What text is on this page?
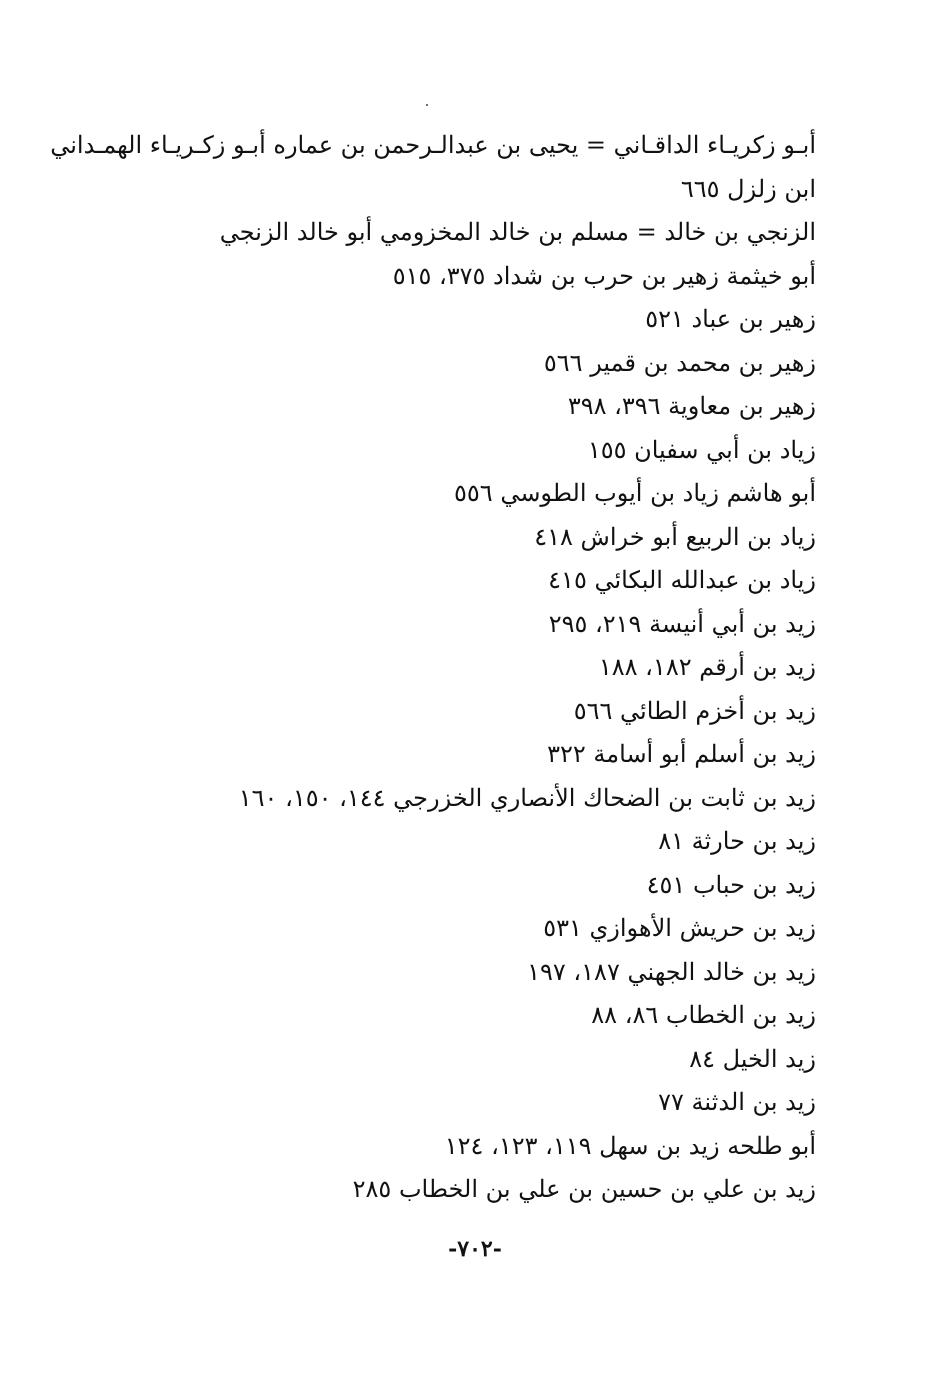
أبـو زكريـاء الداقـاني = يحيى بن عبدالـرحمن بن عماره أبـو زكـريـاء الهمـداني
ابن زلزل ٦٦٥
الزنجي بن خالد = مسلم بن خالد المخزومي أبو خالد الزنجي
أبو خيثمة زهير بن حرب بن شداد ٣٧٥، ٥١٥
زهير بن عباد ٥٢١
زهير بن محمد بن قمير ٥٦٦
زهير بن معاوية ٣٩٦، ٣٩٨
زياد بن أبي سفيان ١٥٥
أبو هاشم زياد بن أيوب الطوسي ٥٥٦
زياد بن الربيع أبو خراش ٤١٨
زياد بن عبدالله البكائي ٤١٥
زيد بن أبي أنيسة ٢١٩، ٢٩٥
زيد بن أرقم ١٨٢، ١٨٨
زيد بن أخزم الطائي ٥٦٦
زيد بن أسلم أبو أسامة ٣٢٢
زيد بن ثابت بن الضحاك الأنصاري الخزرجي ١٤٤، ١٥٠، ١٦٠
زيد بن حارثة ٨١
زيد بن حباب ٤٥١
زيد بن حريش الأهوازي ٥٣١
زيد بن خالد الجهني ١٨٧، ١٩٧
زيد بن الخطاب ٨٦، ٨٨
زيد الخيل ٨٤
زيد بن الدثنة ٧٧
أبو طلحه زيد بن سهل ١١٩، ١٢٣، ١٢٤
زيد بن علي بن حسين بن علي بن الخطاب ٢٨٥
-٧٠٢-
